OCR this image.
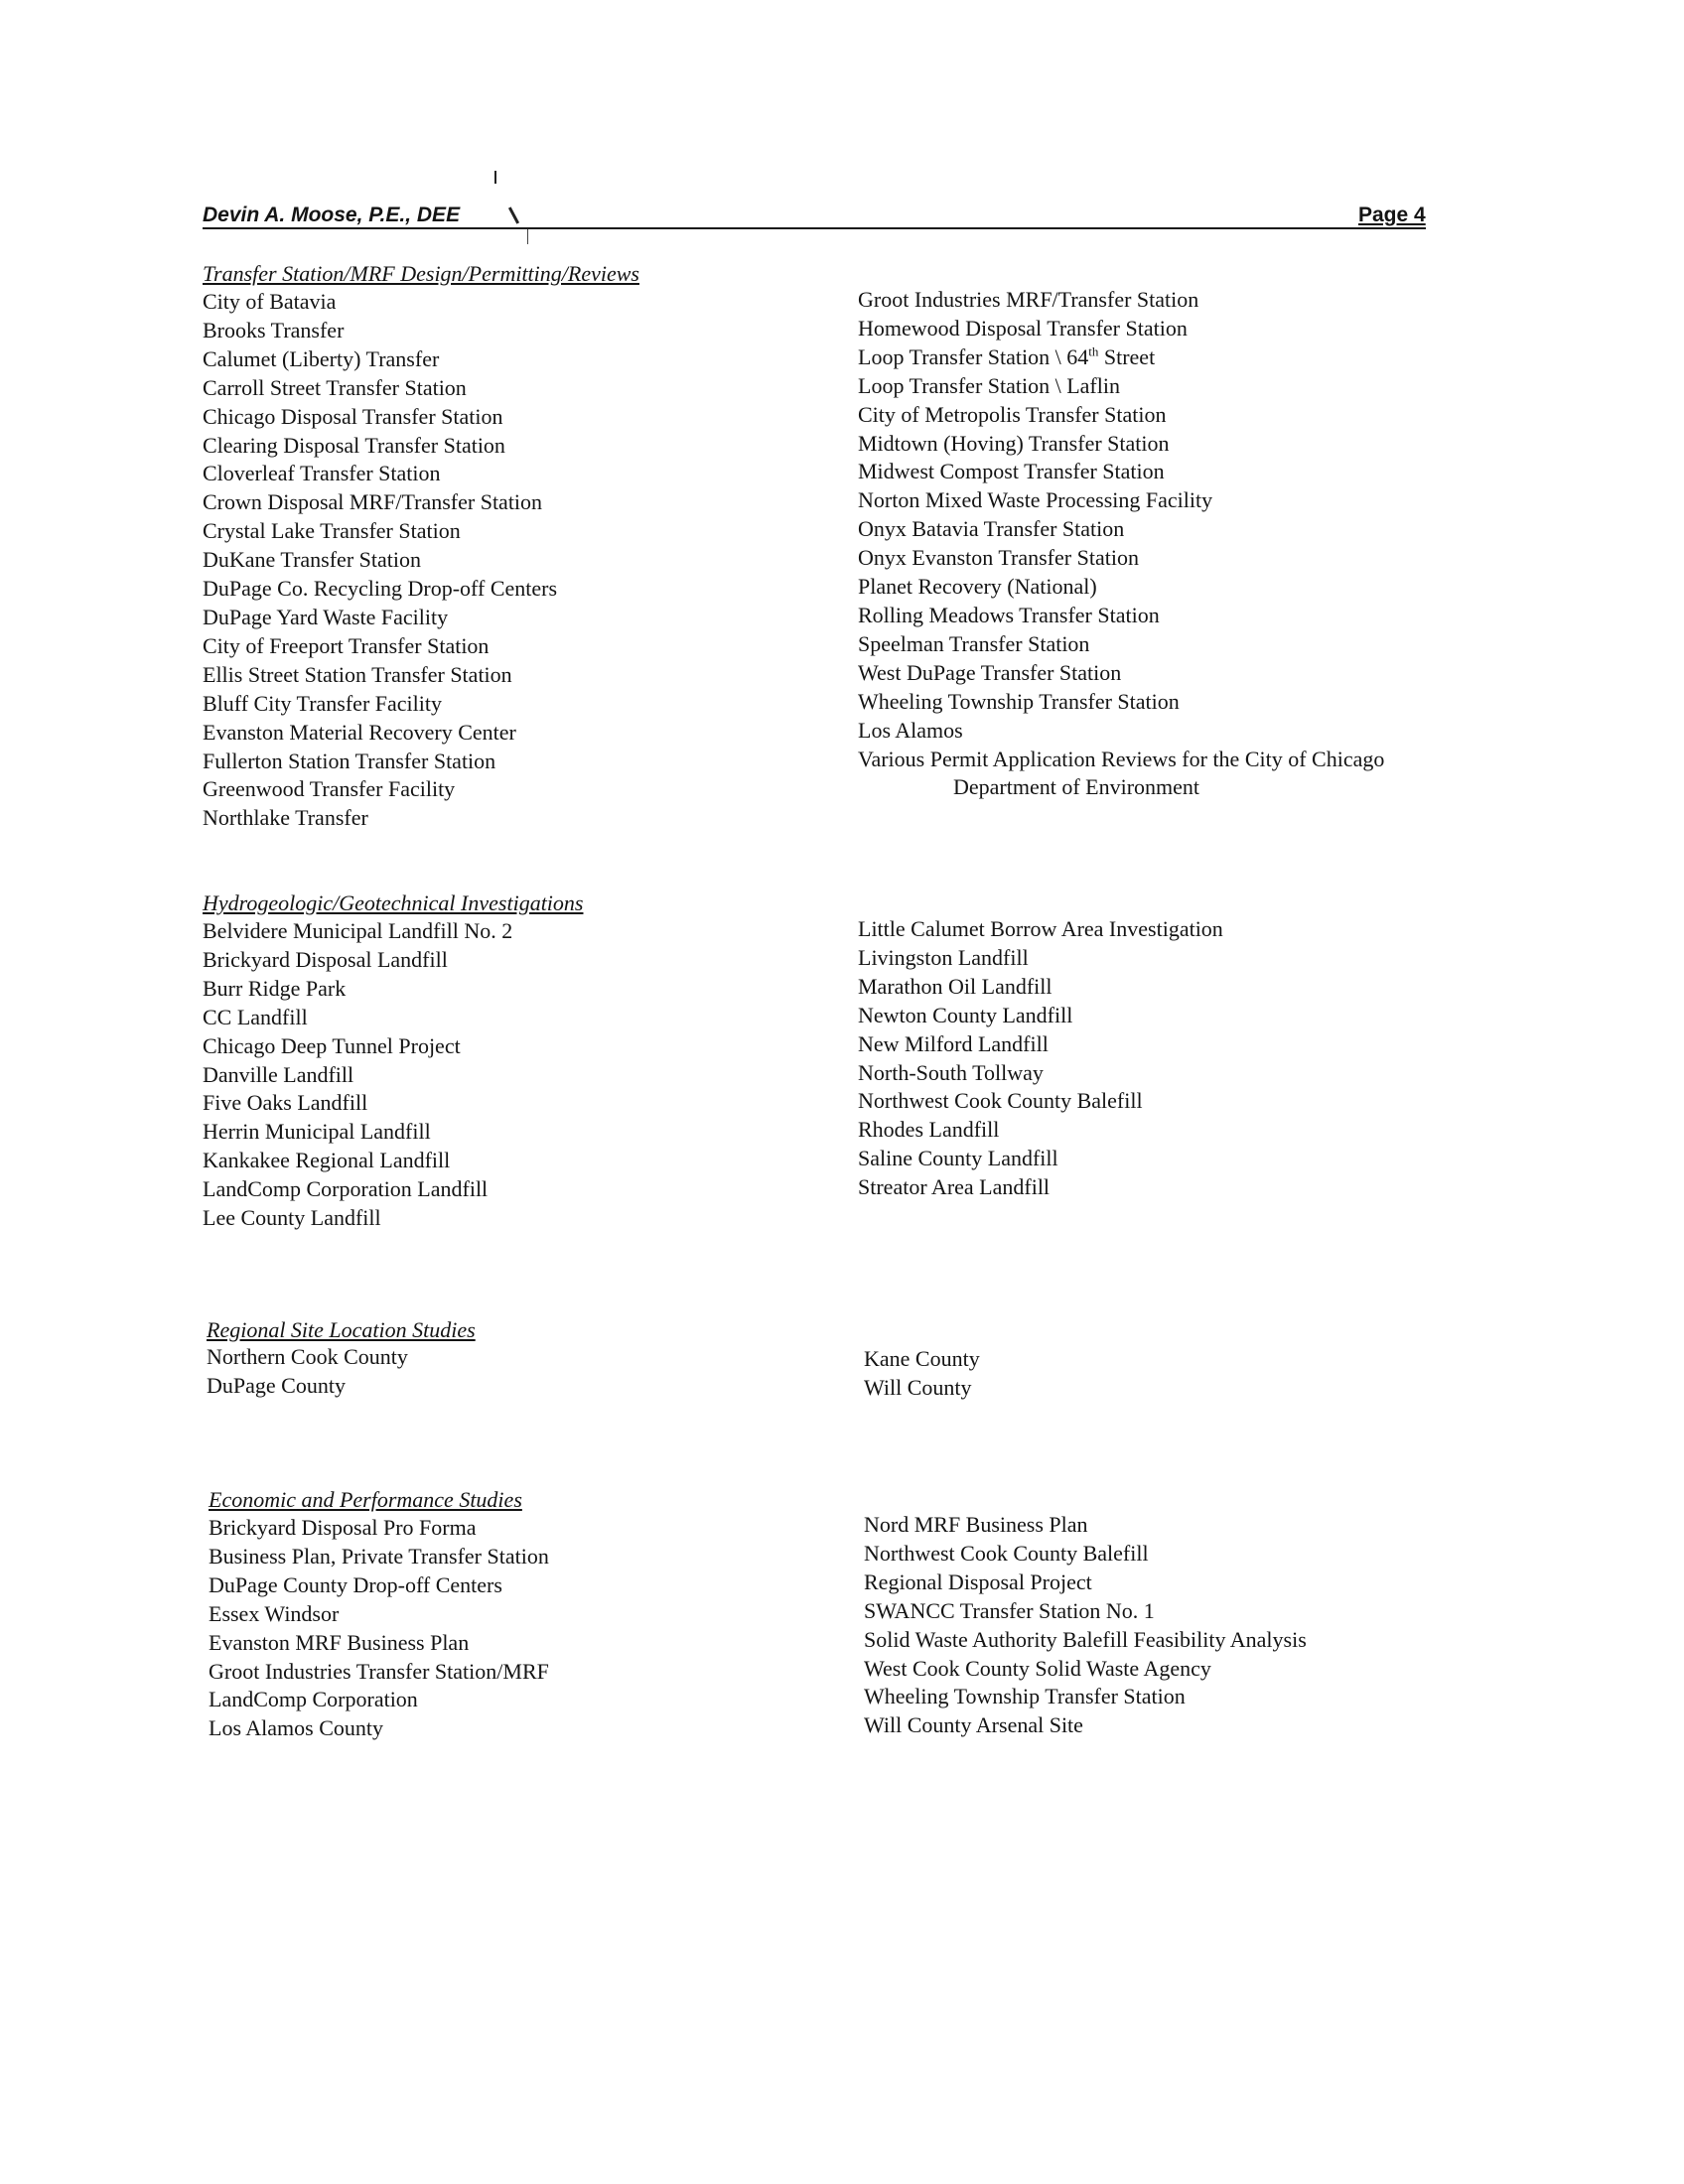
Devin A. Moose, P.E., DEE	Page 4
Transfer Station/MRF Design/Permitting/Reviews
City of Batavia
Brooks Transfer
Calumet (Liberty) Transfer
Carroll Street Transfer Station
Chicago Disposal Transfer Station
Clearing Disposal Transfer Station
Cloverleaf Transfer Station
Crown Disposal MRF/Transfer Station
Crystal Lake Transfer Station
DuKane Transfer Station
DuPage Co. Recycling Drop-off Centers
DuPage Yard Waste Facility
City of Freeport Transfer Station
Ellis Street Station Transfer Station
Bluff City Transfer Facility
Evanston Material Recovery Center
Fullerton Station Transfer Station
Greenwood Transfer Facility
Northlake Transfer
Groot Industries MRF/Transfer Station
Homewood Disposal Transfer Station
Loop Transfer Station \ 64th Street
Loop Transfer Station \ Laflin
City of Metropolis Transfer Station
Midtown (Hoving) Transfer Station
Midwest Compost Transfer Station
Norton Mixed Waste Processing Facility
Onyx Batavia Transfer Station
Onyx Evanston Transfer Station
Planet Recovery (National)
Rolling Meadows Transfer Station
Speelman Transfer Station
West DuPage Transfer Station
Wheeling Township Transfer Station
Los Alamos
Various Permit Application Reviews for the City of Chicago
Department of Environment
Hydrogeologic/Geotechnical Investigations
Belvidere Municipal Landfill No. 2
Brickyard Disposal Landfill
Burr Ridge Park
CC Landfill
Chicago Deep Tunnel Project
Danville Landfill
Five Oaks Landfill
Herrin Municipal Landfill
Kankakee Regional Landfill
LandComp Corporation Landfill
Lee County Landfill
Little Calumet Borrow Area Investigation
Livingston Landfill
Marathon Oil Landfill
Newton County Landfill
New Milford Landfill
North-South Tollway
Northwest Cook County Balefill
Rhodes Landfill
Saline County Landfill
Streator Area Landfill
Regional Site Location Studies
Northern Cook County
DuPage County
Kane County
Will County
Economic and Performance Studies
Brickyard Disposal Pro Forma
Business Plan, Private Transfer Station
DuPage County Drop-off Centers
Essex Windsor
Evanston MRF Business Plan
Groot Industries Transfer Station/MRF
LandComp Corporation
Los Alamos County
Nord MRF Business Plan
Northwest Cook County Balefill
Regional Disposal Project
SWANCC Transfer Station No. 1
Solid Waste Authority Balefill Feasibility Analysis
West Cook County Solid Waste Agency
Wheeling Township Transfer Station
Will County Arsenal Site
